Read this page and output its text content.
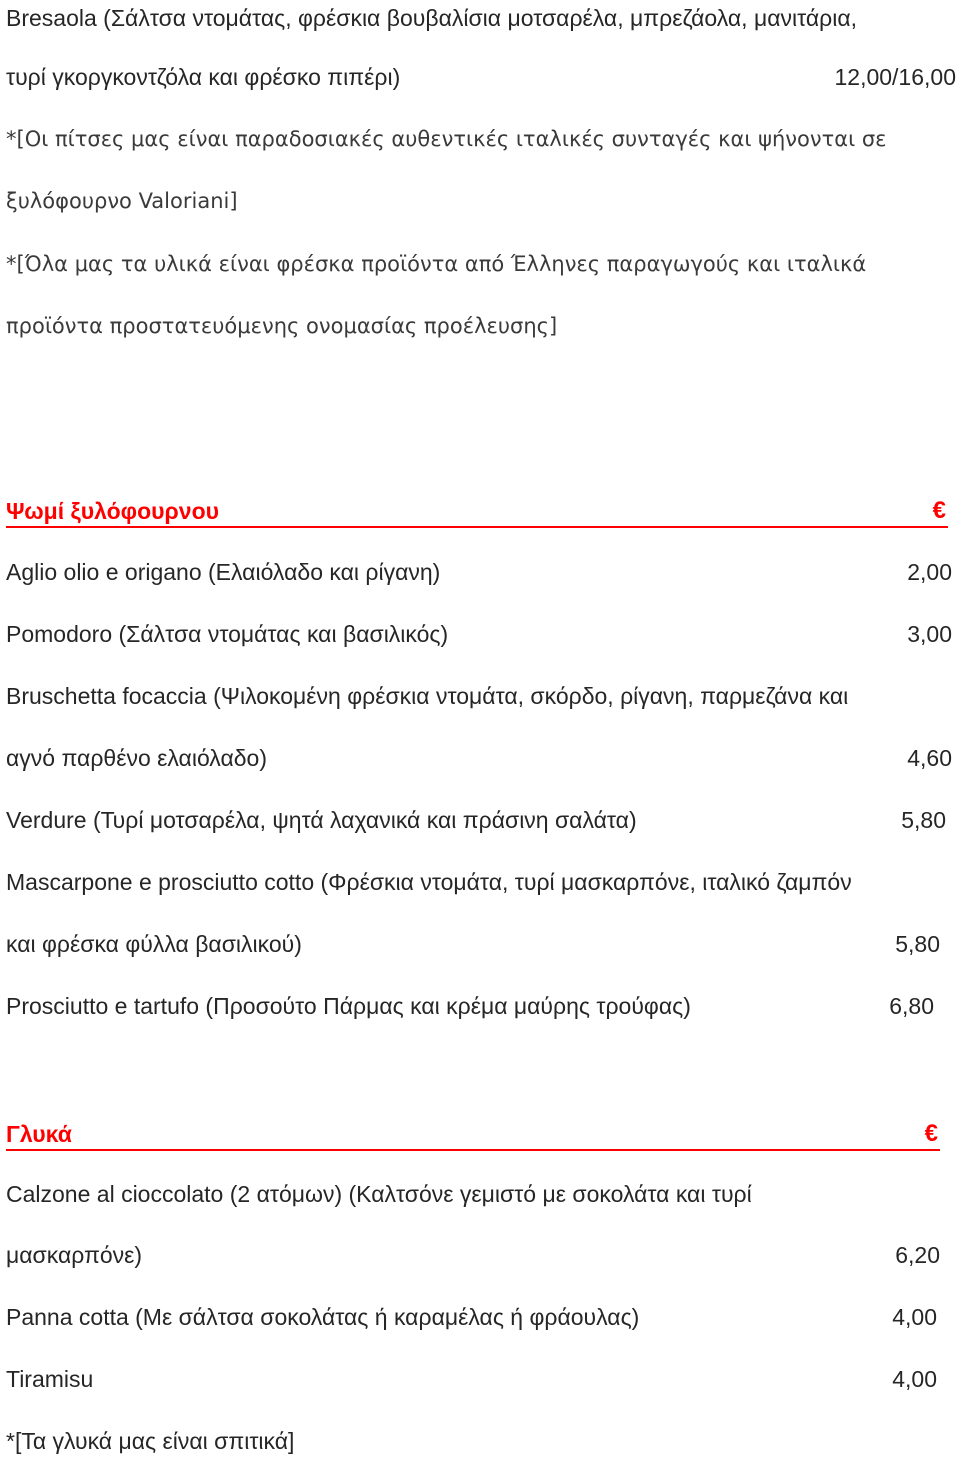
Bresaola (Σάλτσα ντομάτας, φρέσκια βουβαλίσια μοτσαρέλα, μπρεζάολα, μανιτάρια,
τυρί γκοργκοντζόλα και φρέσκο πιπέρι)	12,00/16,00
*[Οι πίτσες μας είναι παραδοσιακές αυθεντικές ιταλικές συνταγές και ψήνονται σε
ξυλόφουρνο Valoriani]
*[Όλα μας τα υλικά είναι φρέσκα προϊόντα από Έλληνες παραγωγούς και ιταλικά
προϊόντα προστατευόμενης ονομασίας προέλευσης]
Ψωμί ξυλόφουρνου	€
Aglio olio e origano (Ελαιόλαδο και ρίγανη)	2,00
Pomodoro (Σάλτσα ντομάτας και βασιλικός)	3,00
Bruschetta focaccia (Ψιλοκομένη φρέσκια ντομάτα, σκόρδο, ρίγανη, παρμεζάνα και
αγνό παρθένο ελαιόλαδο)	4,60
Verdure (Τυρί μοτσαρέλα, ψητά λαχανικά και πράσινη σαλάτα)	5,80
Mascarpone e prosciutto cotto (Φρέσκια ντομάτα, τυρί μασκαρπόνε, ιταλικό ζαμπόν
και φρέσκα φύλλα βασιλικού)	5,80
Prosciutto e tartufo (Προσούτο Πάρμας και κρέμα μαύρης τρούφας)	6,80
Γλυκά	€
Calzone al cioccolato (2 ατόμων) (Καλτσόνε γεμιστό με σοκολάτα και τυρί
μασκαρπόνε)	6,20
Panna cotta (Με σάλτσα σοκολάτας ή καραμέλας ή φράουλας)	4,00
Tiramisu	4,00
*[Τα γλυκά μας είναι σπιτικά]
